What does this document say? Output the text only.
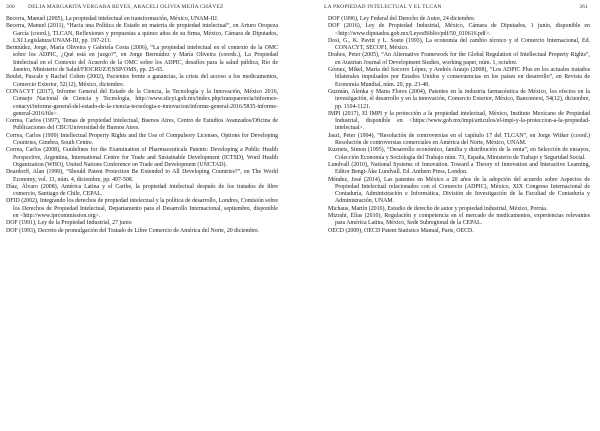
360 DELIA MARGARITA VERGARA REYES, ARACELI OLIVIA MEJÍA CHÁVEZ
Becerra, Manuel (2005), La propiedad intelectual en transformación, México, UNAM-IIJ.
Becerra, Manuel (2011), “Hacia una Política de Estado en materia de propiedad intelectual”, en Arturo Oropeza García (coord.), TLCAN, Reflexiones y propuestas a quince años de su firma, México, Cámara de Diputados, LXI Legislatura/UNAM-IIJ, pp. 197-211.
Bermúdez, Jorge, María Oliveira y Gabriela Costa (2006), “La propiedad intelectual en el contexto de la OMC sobre los ADPIC, ¿Qué está en juego?”, en Jorge Bermúdez y María Oliveira (coords.), La Propiedad Intelectual en el Contexto del Acuerdo de la OMC sobre los ADPIC, desafíos para la salud pública, Río de Janeiro, Ministerio de Salud/FIOCRUZ/ENSP/OMS, pp. 25-65.
Boulet, Pascale y Rachel Cohen (2002), Pacientes frente a ganancias, la crisis del acceso a los medicamentos, Comercio Exterior, 52(12), México, diciembre.
CONACYT (2017), Informe General del Estado de la Ciencia, la Tecnología y la Innovación, México 2016, Consejo Nacional de Ciencia y Tecnología, http://www.siicyt.gob.mx/index.php/transparencia/informes-conacyt/informe-general-del-estado-de-la-ciencia-tecnologia-e-innovacion/informe-general-2016/5835-informe-general-2016/file>.
Correa, Carlos (1997), Temas de propiedad intelectual, Buenos Aires, Centro de Estudios Avanzados/Oficina de Publicaciones del CBC/Universidad de Buenos Aires.
Correa, Carlos (1999) Intellectual Property Rights and the Use of Compulsory Licenses, Options for Developing Countries, Ginebra, South Centre.
Correa, Carlos (2008), Guidelines for the Examination of Pharmaceuticals Patents: Developing a Public Health Perspective, Argentina, International Centre for Trade and Sustainable Development (ICTSD), Word Health Organization (WHO), United Nations Conference on Trade and Development (UNCTAD).
Deardorff, Alan (1990), “Should Patent Protection Be Extended to All Developing Countries?”, en The World Economy, vol. 13, núm. 4, diciembre, pp. 497-508.
Díaz, Álvaro (2008), América Latina y el Caribe, la propiedad intelectual después de los tratados de libre comercio, Santiago de Chile, CEPAL.
DFID (2002), Integrando los derechos de propiedad intelectual y la política de desarrollo, Londres, Comisión sobre los Derechos de Propiedad Intelectual, Departamento para el Desarrollo Internacional, septiembre, disponible en <http://www.iprcommission.org>.
DOF (1991), Ley de la Propiedad Industrial, 27 junio
DOF (1993), Decreto de promulgación del Tratado de Libre Comercio de América del Norte, 20 diciembre.
LA PROPIEDAD INTELECTUAL Y EL TLCAN	361
DOF (1996), Ley Federal del Derecho de Autor, 24 diciembre.
DOF (2016), Ley de Propiedad Industrial, México, Cámara de Diputados, 1 junio, disponible en <http://www.diputados.gob.mx/LeyesBiblio/pdf/50_010616.pdf>.
Dosi, G., K. Pavitt y L. Soete (1993), La economía del cambio técnico y el Comercio Internacional, Ed. CONACYT, SECOFI, México.
Drahos, Peter (2005), “An Alternative Framework for the Global Regulation of Intellectual Property Rights”, en Austrian Journal of Development Studies, working paper, núm. 1, octubre.
Gómez, Mikel, María del Socorro López, y Andrés Araujo (2008), “Los ADPIC Plus en los actuales tratados bilaterales impulsados por Estados Unidos y consecuencias en los países en desarrollo”, en Revista de Economía Mundial, núm. 20, pp. 23-48.
Guzmán, Alenka y Marta Flores (2004), Patentes en la industria farmacéutica de México, los efectos en la investigación, el desarrollo y en la innovación, Comercio Exterior, México, Bancomext, 54(12), diciembre, pp. 1104-1121.
IMPI (2017), El IMPI y la protección a la propiedad intelectual, México, Instituto Mexicano de Propiedad Industrial, disponible en <https://www.gob.mx/impi/articulos/el-impi-y-la-proteccion-a-la-propiedad-intelectual>.
Jaszi, Peter (1994), “Resolución de controversias en el capítulo 17 del TLCAN”, en Jorge Witker (coord.) Resolución de controversias comerciales en América del Norte, México, UNAM.
Kuznets, Simon (1995), “Desarrollo económico, familia y distribución de la renta”, en Selección de ensayos, Colección Economía y Sociología del Trabajo núm. 73, España, Ministerio de Trabajo y Seguridad Social.
Lundvall (2010), National Systems of Innovation. Toward a Theory of Innovation and Interactive Learning, Editor Bengt-Åke Lundvall. Ed. Anthem Press, London.
Méndez, José (2014), Las patentes en México a 20 años de la adopción del acuerdo sobre Aspectos de Propiedad Intelectual relacionados con el Comercio (ADPIC), México, XIX Congreso Internacional de Contaduría, Administración e Informática, División de Investigación de la Facultad de Contaduría y Administración, UNAM.
Michaus, Martín (2016), Estudio de derecho de autor y propiedad industrial, México, Porrúa.
Mizrahi, Elías (2010), Regulación y competencia en el mercado de medicamentos, experiencias relevantes para América Latina, México, Sede Subregional de la CEPAL.
OECD (2009), OECD Patent Statistics Manual, Paris, OECD.
